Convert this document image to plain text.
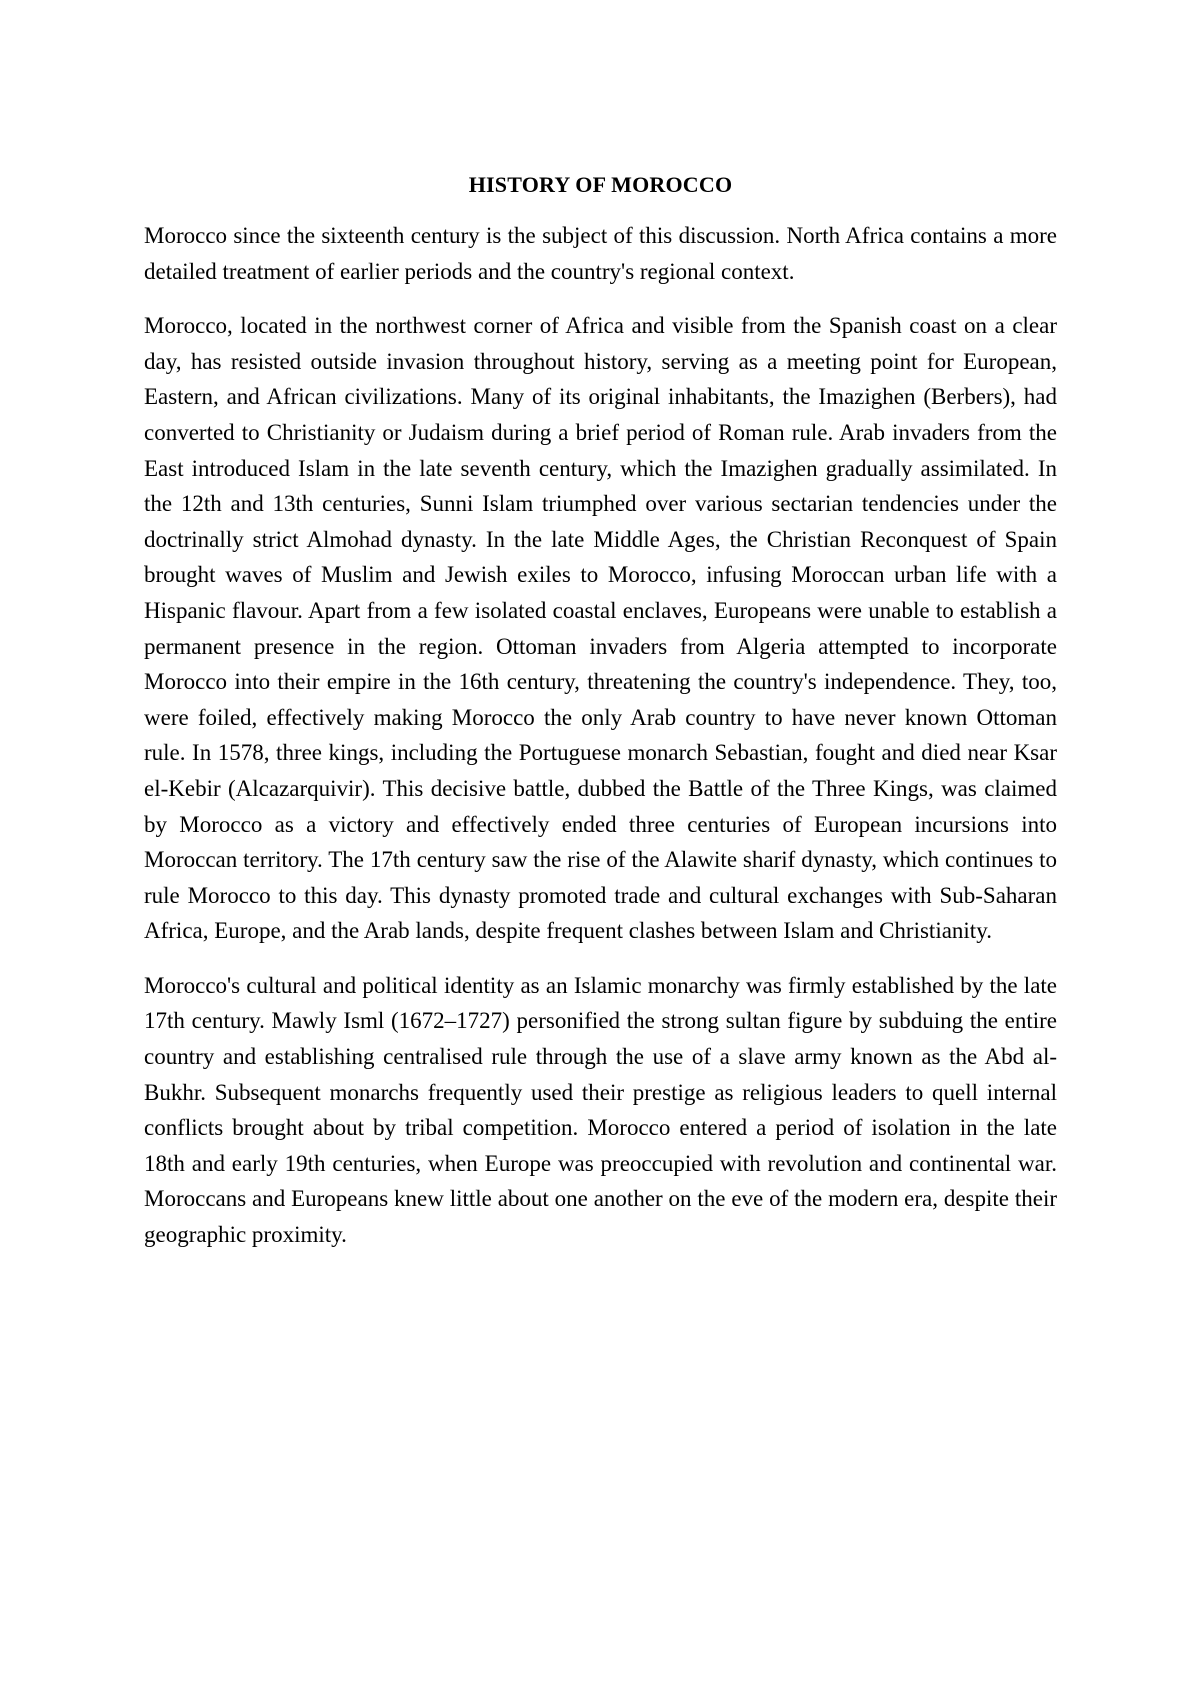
HISTORY OF MOROCCO

Morocco since the sixteenth century is the subject of this discussion. North Africa contains a more detailed treatment of earlier periods and the country's regional context.

Morocco, located in the northwest corner of Africa and visible from the Spanish coast on a clear day, has resisted outside invasion throughout history, serving as a meeting point for European, Eastern, and African civilizations. Many of its original inhabitants, the Imazighen (Berbers), had converted to Christianity or Judaism during a brief period of Roman rule. Arab invaders from the East introduced Islam in the late seventh century, which the Imazighen gradually assimilated. In the 12th and 13th centuries, Sunni Islam triumphed over various sectarian tendencies under the doctrinally strict Almohad dynasty. In the late Middle Ages, the Christian Reconquest of Spain brought waves of Muslim and Jewish exiles to Morocco, infusing Moroccan urban life with a Hispanic flavour. Apart from a few isolated coastal enclaves, Europeans were unable to establish a permanent presence in the region. Ottoman invaders from Algeria attempted to incorporate Morocco into their empire in the 16th century, threatening the country's independence. They, too, were foiled, effectively making Morocco the only Arab country to have never known Ottoman rule. In 1578, three kings, including the Portuguese monarch Sebastian, fought and died near Ksar el-Kebir (Alcazarquivir). This decisive battle, dubbed the Battle of the Three Kings, was claimed by Morocco as a victory and effectively ended three centuries of European incursions into Moroccan territory. The 17th century saw the rise of the Alawite sharif dynasty, which continues to rule Morocco to this day. This dynasty promoted trade and cultural exchanges with Sub-Saharan Africa, Europe, and the Arab lands, despite frequent clashes between Islam and Christianity.

Morocco's cultural and political identity as an Islamic monarchy was firmly established by the late 17th century. Mawly Isml (1672–1727) personified the strong sultan figure by subduing the entire country and establishing centralised rule through the use of a slave army known as the Abd al-Bukhr. Subsequent monarchs frequently used their prestige as religious leaders to quell internal conflicts brought about by tribal competition. Morocco entered a period of isolation in the late 18th and early 19th centuries, when Europe was preoccupied with revolution and continental war. Moroccans and Europeans knew little about one another on the eve of the modern era, despite their geographic proximity.
